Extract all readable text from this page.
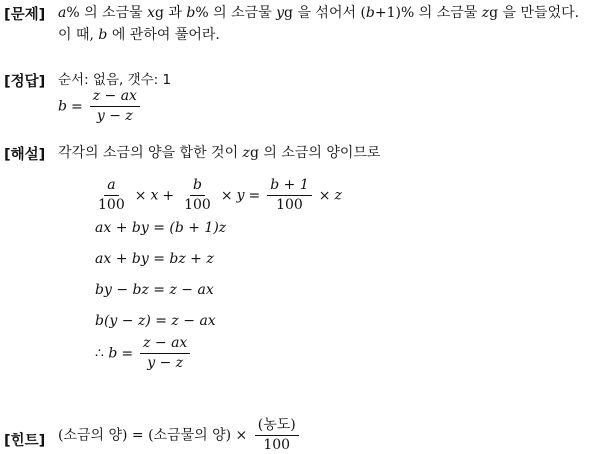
[문제] a% 의 소금물 xg 과 b% 의 소금물 yg 을 섞어서 (b+1)% 의 소금물 zg 을 만들었다.
이 때, b 에 관하여 풀어라.
[정답] 순서: 없음, 갯수: 1
$b = \frac{z - ax}{y - z}$
[해설] 각각의 소금의 양을 합한 것이 zg 의 소금의 양이므로
$\frac{a}{100} \times x + \frac{b}{100} \times y = \frac{b + 1}{100} \times z$
ax + by = (b + 1)z
ax + by = bz + z
by − bz = z − ax
b(y − z) = z − ax
∴ $b = \frac{z - ax}{y - z}$
[힌트] (소금의 양) = (소금물의 양) × $\frac{\text{(농도)}}{100}$
